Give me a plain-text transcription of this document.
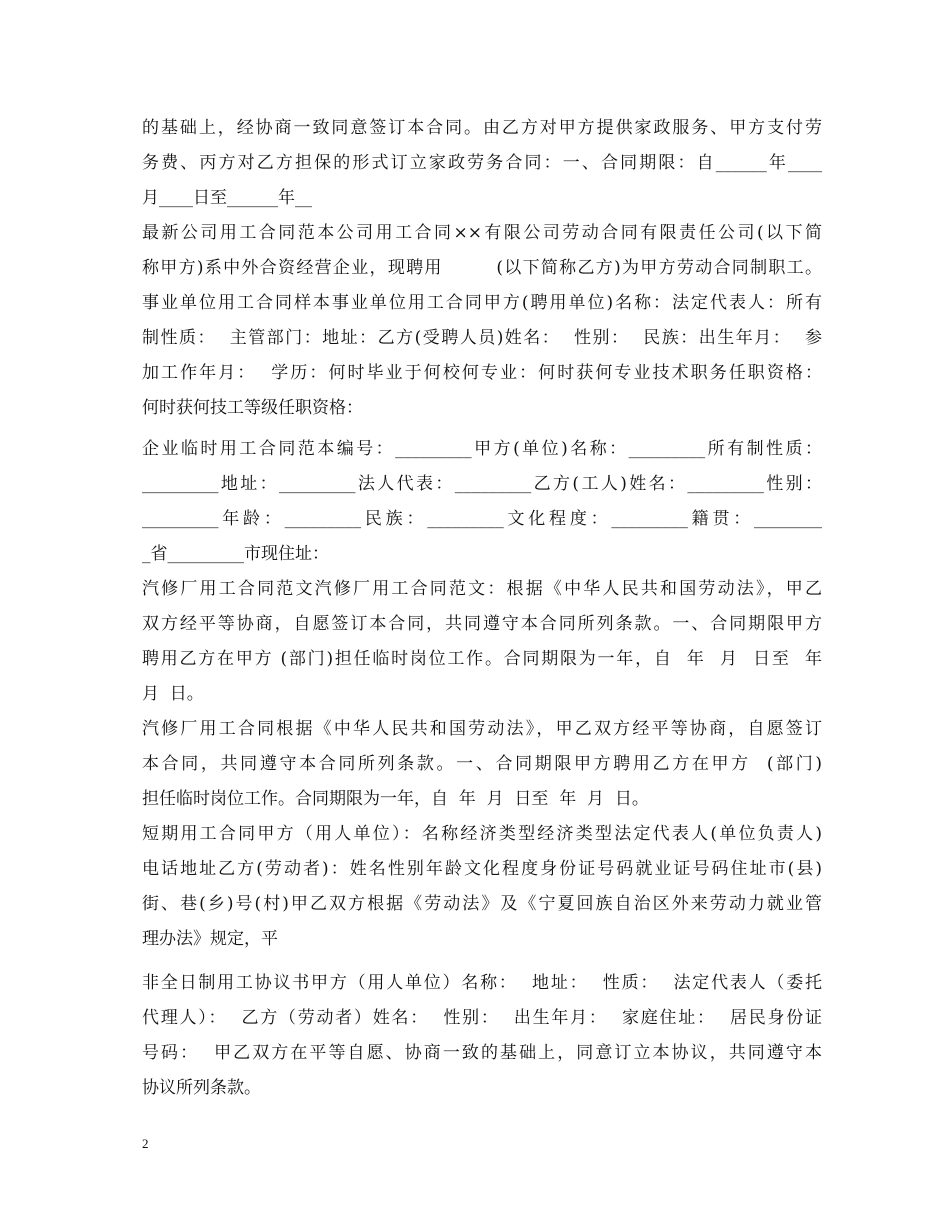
的基础上，经协商一致同意签订本合同。由乙方对甲方提供家政服务、甲方支付劳
务费、丙方对乙方担保的形式订立家政劳务合同：一、合同期限：自______年____
月____日至______年__
最新公司用工合同范本公司用工合同××有限公司劳动合同有限责任公司(以下简
称甲方)系中外合资经营企业，现聘用        (以下简称乙方)为甲方劳动合同制职工。
事业单位用工合同样本事业单位用工合同甲方(聘用单位)名称：法定代表人：所有
制性质：  主管部门：地址：乙方(受聘人员)姓名：  性别：  民族：出生年月：  参
加工作年月：  学历：何时毕业于何校何专业：何时获何专业技术职务任职资格：
何时获何技工等级任职资格：
企业临时用工合同范本编号：_________甲方(单位)名称：_________所有制性质：
_________地址：_________法人代表：_________乙方(工人)姓名：_________性别：
_________年龄：_________民族：_________文化程度：_________籍贯：________
_省_________市现住址：
汽修厂用工合同范文汽修厂用工合同范文：根据《中华人民共和国劳动法》，甲乙
双方经平等协商，自愿签订本合同，共同遵守本合同所列条款。一、合同期限甲方
聘用乙方在甲方 (部门)担任临时岗位工作。合同期限为一年，自  年  月  日至  年
月  日。
汽修厂用工合同根据《中华人民共和国劳动法》，甲乙双方经平等协商，自愿签订
本合同，共同遵守本合同所列条款。一、合同期限甲方聘用乙方在甲方  (部门)
担任临时岗位工作。合同期限为一年，自  年  月  日至  年  月  日。
短期用工合同甲方（用人单位）：名称经济类型经济类型法定代表人(单位负责人)
电话地址乙方(劳动者)：姓名性别年龄文化程度身份证号码就业证号码住址市(县)
街、巷(乡)号(村)甲乙双方根据《劳动法》及《宁夏回族自治区外来劳动力就业管
理办法》规定，平
非全日制用工协议书甲方（用人单位）名称：  地址：  性质：  法定代表人（委托
代理人）：  乙方（劳动者）姓名：  性别：  出生年月：  家庭住址：  居民身份证
号码：  甲乙双方在平等自愿、协商一致的基础上，同意订立本协议，共同遵守本
协议所列条款。
2
